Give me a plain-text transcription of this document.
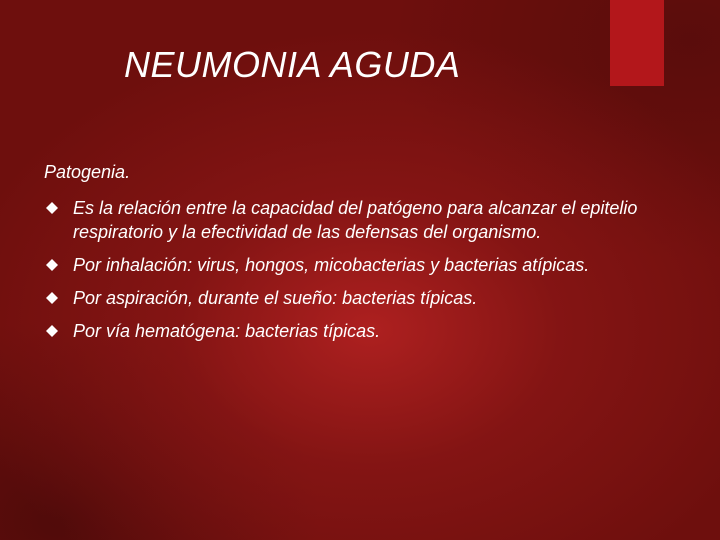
NEUMONIA AGUDA

Patogenia.

Es la relación entre la capacidad del patógeno para alcanzar el epitelio respiratorio y la efectividad de las defensas del organismo.
Por inhalación: virus, hongos, micobacterias y bacterias atípicas.
Por aspiración, durante el sueño: bacterias típicas.
Por vía hematógena: bacterias típicas.
